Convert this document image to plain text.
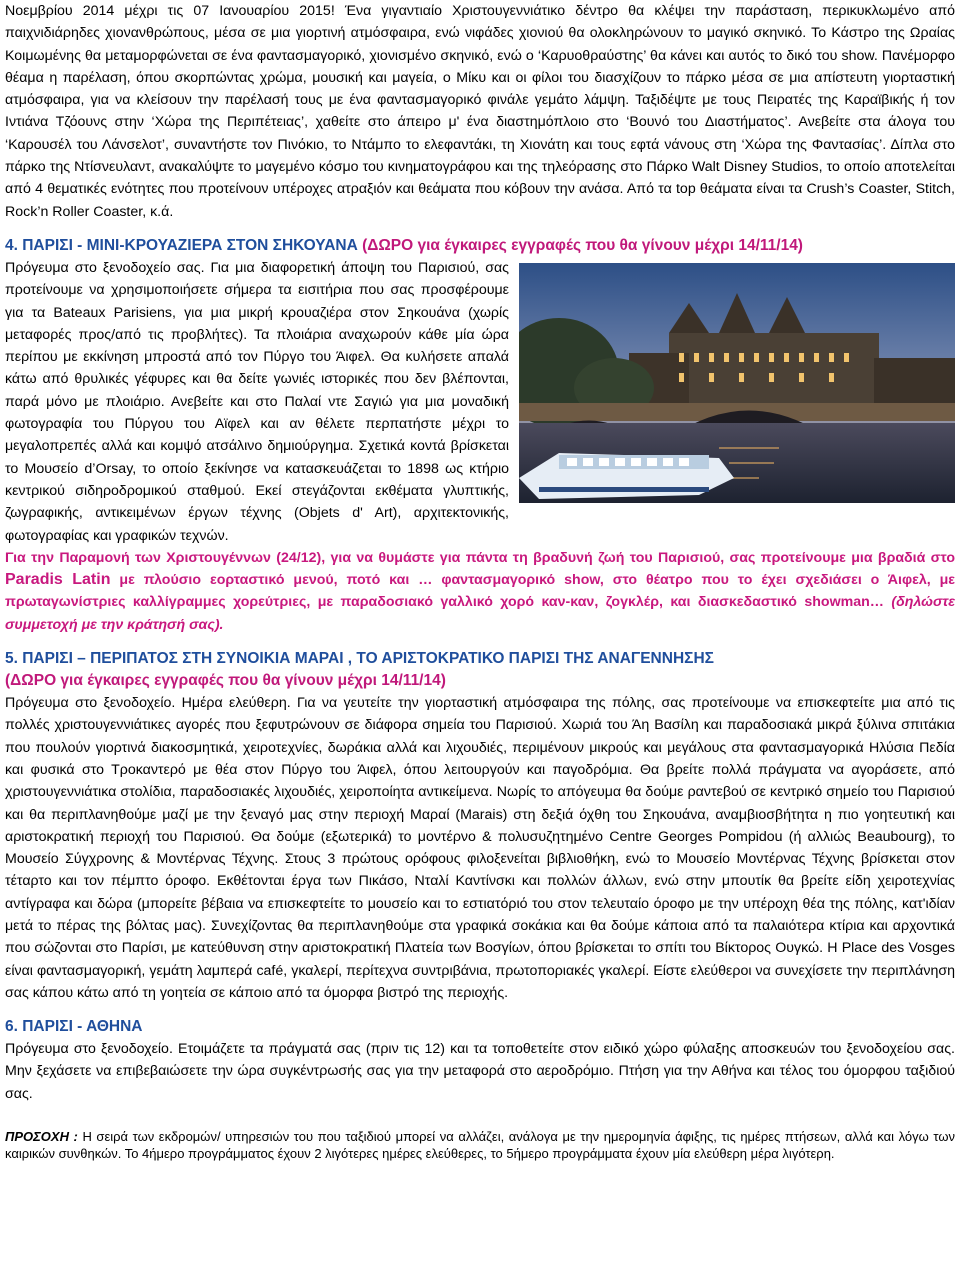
Νοεμβρίου 2014 μέχρι τις 07 Ιανουαρίου 2015! Ένα γιγαντιαίο Χριστουγεννιάτικο δέντρο θα κλέψει την παράσταση, περικυκλωμένο από παιχνιδιάρηδες χιονανθρώπους, μέσα σε μια γιορτινή ατμόσφαιρα, ενώ νιφάδες χιονιού θα ολοκληρώνουν το μαγικό σκηνικό. Το Κάστρο της Ωραίας Κοιμωμένης θα μεταμορφώνεται σε ένα φαντασμαγορικό, χιονισμένο σκηνικό, ενώ ο ‘Καρυοθραύστης’ θα κάνει και αυτός το δικό του show. Πανέμορφο θέαμα η παρέλαση, όπου σκορπώντας χρώμα, μουσική και μαγεία, ο Μίκυ και οι φίλοι του διασχίζουν το πάρκο μέσα σε μια απίστευτη γιορταστική ατμόσφαιρα, για να κλείσουν την παρέλασή τους με ένα φαντασμαγορικό φινάλε γεμάτο λάμψη. Ταξιδέψτε με τους Πειρατές της Καραϊβικής ή τον Ιντιάνα Τζόουνς στην ‘Χώρα της Περιπέτειας’, χαθείτε στο άπειρο μ' ένα διαστημόπλοιο στο ‘Βουνό του Διαστήματος’. Ανεβείτε στα άλογα του ‘Καρουσέλ του Λάνσελοτ’, συναντήστε τον Πινόκιο, το Ντάμπο το ελεφαντάκι, τη Χιονάτη και τους εφτά νάνους στη ‘Χώρα της Φαντασίας’. Δίπλα στο πάρκο της Ντίσνευλαντ, ανακαλύψτε το μαγεμένο κόσμο του κινηματογράφου και της τηλεόρασης στο Πάρκο Walt Disney Studios, το οποίο αποτελείται από 4 θεματικές ενότητες που προτείνουν υπέροχες ατραξιόν και θεάματα που κόβουν την ανάσα. Από τα top θεάματα είναι τα Crush’s Coaster, Stitch, Rock’n Roller Coaster, κ.ά.

4. ΠΑΡΙΣΙ - ΜΙΝΙ-ΚΡΟΥΑΖΙΕΡΑ ΣΤΟΝ ΣΗΚΟΥΑΝΑ (ΔΩΡΟ για έγκαιρες εγγραφές που θα γίνουν μέχρι 14/11/14)

Πρόγευμα στο ξενοδοχείο σας. Για μια διαφορετική άποψη του Παρισιού, σας προτείνουμε να χρησιμοποιήσετε σήμερα τα εισιτήρια που σας προσφέρουμε για τα Bateaux Parisiens, για μια μικρή κρουαζιέρα στον Σηκουάνα (χωρίς μεταφορές προς/από τις προβλήτες). Τα πλοιάρια αναχωρούν κάθε μία ώρα περίπου με εκκίνηση μπροστά από τον Πύργο του Άιφελ. Θα κυλήσετε απαλά κάτω από θρυλικές γέφυρες και θα δείτε γωνιές ιστορικές που δεν βλέπονται, παρά μόνο με πλοιάριο. Ανεβείτε και στο Παλαί ντε Σαγιώ για μια μοναδική φωτογραφία του Πύργου του Αϊφελ και αν θέλετε περπατήστε μέχρι το μεγαλοπρεπές αλλά και κομψό ατσάλινο δημιούργημα. Σχετικά κοντά βρίσκεται το Μουσείο d’Orsay, το οποίο ξεκίνησε να κατασκευάζεται το 1898 ως κτήριο κεντρικού σιδηροδρομικού σταθμού. Εκεί στεγάζονται εκθέματα γλυπτικής, ζωγραφικής, αντικειμένων έργων τέχνης (Objets d' Art), αρχιτεκτονικής, φωτογραφίας και γραφικών τεχνών.

Για την Παραμονή των Χριστουγέννων (24/12), για να θυμάστε για πάντα τη βραδυνή ζωή του Παρισιού, σας προτείνουμε μια βραδιά στο Paradis Latin με πλούσιο εορταστικό μενού, ποτό και … φαντασμαγορικό show, στο θέατρο που το έχει σχεδιάσει ο Άιφελ, με πρωταγωνίστριες καλλίγραμμες χορεύτριες, με παραδοσιακό γαλλικό χορό καν-καν, ζογκλέρ, και διασκεδαστικό showman… (δηλώστε συμμετοχή με την κράτησή σας).

5. ΠΑΡΙΣΙ – ΠΕΡΙΠΑΤΟΣ ΣΤΗ ΣΥΝΟΙΚΙΑ ΜΑΡΑΙ , ΤΟ ΑΡΙΣΤΟΚΡΑΤΙΚΟ ΠΑΡΙΣΙ ΤΗΣ ΑΝΑΓΕΝΝΗΣΗΣ
(ΔΩΡΟ για έγκαιρες εγγραφές που θα γίνουν μέχρι 14/11/14)

Πρόγευμα στο ξενοδοχείο. Ημέρα ελεύθερη. Για να γευτείτε την γιορταστική ατμόσφαιρα της πόλης, σας προτείνουμε να επισκεφτείτε μια από τις πολλές χριστουγεννιάτικες αγορές που ξεφυτρώνουν σε διάφορα σημεία του Παρισιού. Χωριά του Άη Βασίλη και παραδοσιακά μικρά ξύλινα σπιτάκια που πουλούν γιορτινά διακοσμητικά, χειροτεχνίες, δωράκια αλλά και λιχουδιές, περιμένουν μικρούς και μεγάλους στα φαντασμαγορικά Ηλύσια Πεδία και φυσικά στο Τροκαντερό με θέα στον Πύργο του Άιφελ, όπου λειτουργούν και παγοδρόμια. Θα βρείτε πολλά πράγματα να αγοράσετε, από χριστουγεννιάτικα στολίδια, παραδοσιακές λιχουδιές, χειροποίητα αντικείμενα. Νωρίς το απόγευμα θα δούμε ραντεβού σε κεντρικό σημείο του Παρισιού και θα περιπλανηθούμε μαζί με την ξεναγό μας στην περιοχή Μαραί (Marais) στη δεξιά όχθη του Σηκουάνα, αναμβιοσβήτητα η πιο γοητευτική και αριστοκρατική περιοχή του Παρισιού. Θα δούμε (εξωτερικά) το μοντέρνο & πολυσυζητημένο Centre Georges Pompidou (ή αλλιώς Beaubourg), το Μουσείο Σύγχρονης & Μοντέρνας Τέχνης. Στους 3 πρώτους ορόφους φιλοξενείται βιβλιοθήκη, ενώ το Μουσείο Μοντέρνας Τέχνης βρίσκεται στον τέταρτο και τον πέμπτο όροφο. Εκθέτονται έργα των Πικάσο, Νταλί Καντίνσκι και πολλών άλλων, ενώ στην μπουτίκ θα βρείτε είδη χειροτεχνίας αντίγραφα και δώρα (μπορείτε βέβαια να επισκεφτείτε το μουσείο και το εστιατόριό του στον τελευταίο όροφο με την υπέροχη θέα της πόλης, κατ'ιδίαν μετά το πέρας της βόλτας μας). Συνεχίζοντας θα περιπλανηθούμε στα γραφικά σοκάκια και θα δούμε κάποια από τα παλαιότερα κτίρια και αρχοντικά που σώζονται στο Παρίσι, με κατεύθυνση στην αριστοκρατική Πλατεία των Βοσγίων, όπου βρίσκεται το σπίτι του Βίκτορος Ουγκώ. Η Place des Vosges είναι φαντασμαγορική, γεμάτη λαμπερά café, γκαλερί, περίτεχνα συντριβάνια, πρωτοποριακές γκαλερί. Είστε ελεύθεροι να συνεχίσετε την περιπλάνηση σας κάπου κάτω από τη γοητεία σε κάποιο από τα όμορφα βιστρό της περιοχής.

6. ΠΑΡΙΣΙ - ΑΘΗΝΑ

Πρόγευμα στο ξενοδοχείο. Ετοιμάζετε τα πράγματά σας (πριν τις 12) και τα τοποθετείτε στον ειδικό χώρο φύλαξης αποσκευών του ξενοδοχείου σας. Μην ξεχάσετε να επιβεβαιώσετε την ώρα συγκέντρωσής σας για την μεταφορά στο αεροδρόμιο. Πτήση για την Αθήνα και τέλος του όμορφου ταξιδιού σας.

ΠΡΟΣΟΧΗ : Η σειρά των εκδρομών/ υπηρεσιών του που ταξιδιού μπορεί να αλλάζει, ανάλογα με την ημερομηνία άφιξης, τις ημέρες πτήσεων, αλλά και λόγω των καιρικών συνθηκών. Το 4ήμερο προγράμματος έχουν 2 λιγότερες ημέρες ελεύθερες, το 5ήμερο προγράμματα έχουν μία ελεύθερη μέρα λιγότερη.
